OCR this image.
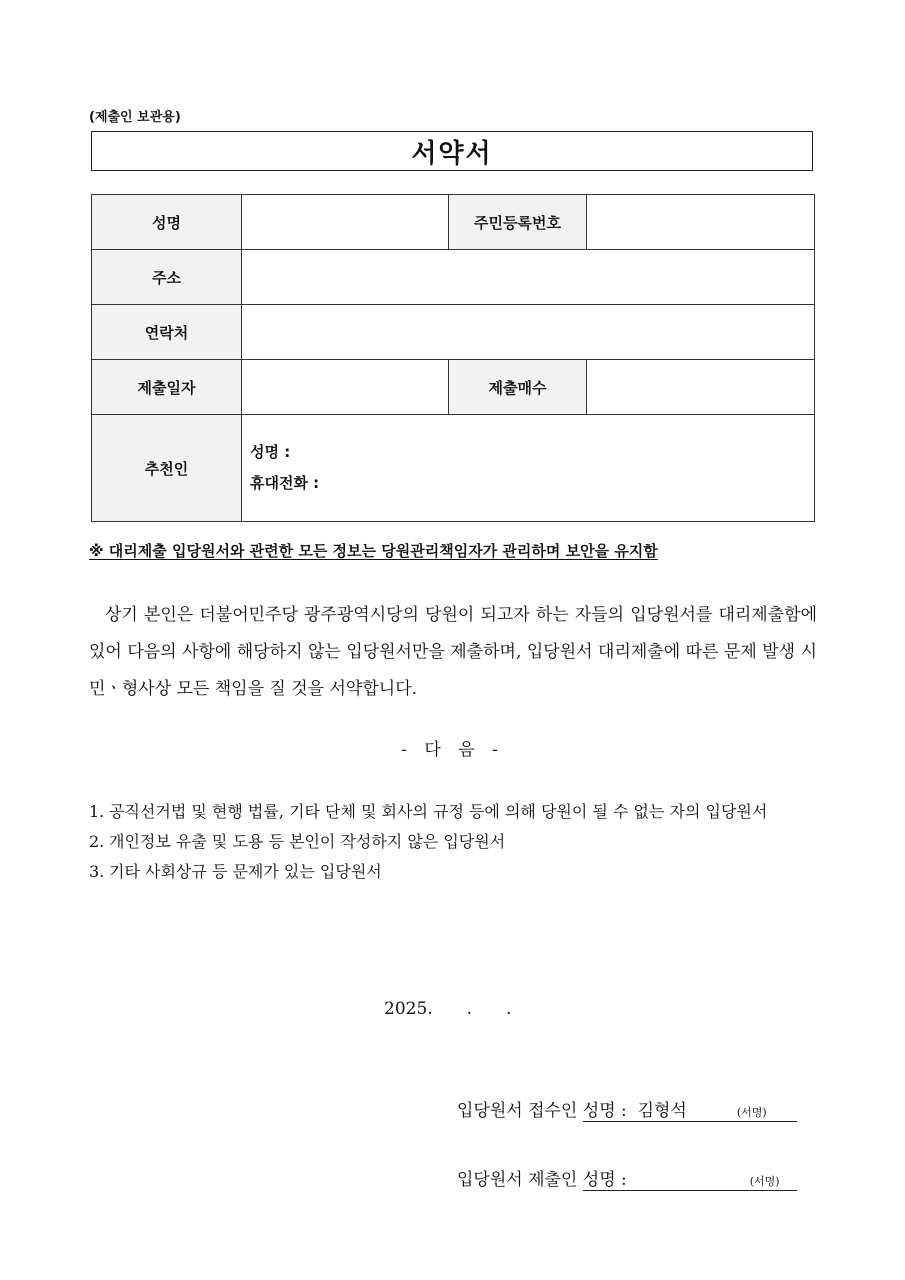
(제출인 보관용)
서약서
성명		주민등록번호	
주소			
연락처			
제출일자		제출매수	
추천인	성명 :
휴대전화 :		
※ 대리제출 입당원서와 관련한 모든 정보는 당원관리책임자가 관리하며 보안을 유지함
상기 본인은 더불어민주당 광주광역시당의 당원이 되고자 하는 자들의 입당원서를 대리제출함에 있어 다음의 사항에 해당하지 않는 입당원서만을 제출하며, 입당원서 대리제출에 따른 문제 발생 시 민ㆍ형사상 모든 책임을 질 것을 서약합니다.
- 다 음 -
1. 공직선거법 및 현행 법률, 기타 단체 및 회사의 규정 등에 의해 당원이 될 수 없는 자의 입당원서
2. 개인정보 유출 및 도용 등 본인이 작성하지 않은 입당원서
3. 기타 사회상규 등 문제가 있는 입당원서
2025.　　.　　.
입당원서 접수인 성명 : 김형석	(서명)
입당원서 제출인 성명 :	(서명)
